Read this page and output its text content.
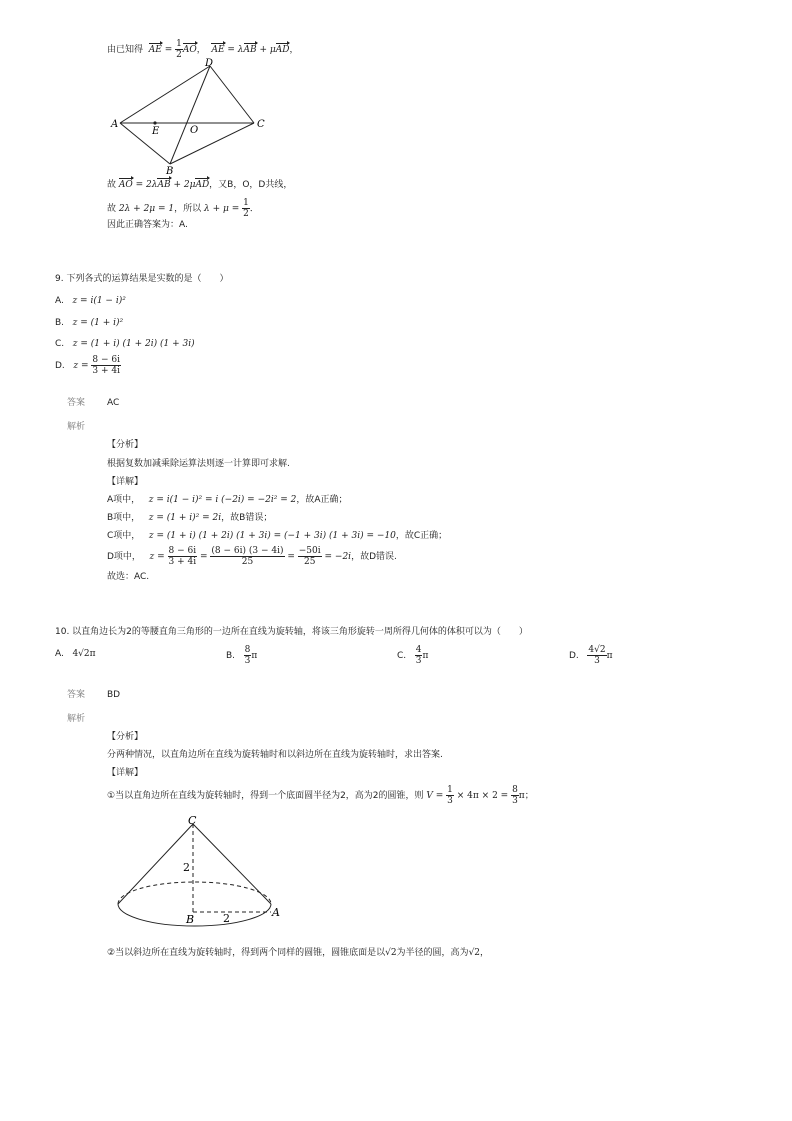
由已知得 AE = $\frac{1}{2}$ AO， AE = λAB + μAD，
D
A	C
B
E	O
故 AO = 2λAB + 2μAD，又B，O，D共线，
故 2λ + 2μ = 1，所以 $\lambda + \mu = \frac{1}{2}$ ．
因此正确答案为：A.
9. 下列各式的运算结果是实数的是（　　）
A. z = i(1 − i)²
B. z = (1 + i)²
C. z = (1 + i) (1 + 2i) (1 + 3i)
D. $z = \frac{8 - 6i}{3 + 4i}$
答案 AC
解析
【分析】
根据复数加减乘除运算法则逐一计算即可求解.
【详解】
A项中， z = i(1 − i)² = i (−2i) = −2i² = 2，故A正确；
B项中， z = (1 + i)² = 2i，故B错误；
C项中， z = (1 + i) (1 + 2i) (1 + 3i) = (−1 + 3i) (1 + 3i) = −10，故C正确；
D项中， $z = \frac{8 - 6i}{3 + 4i} = \frac{(8 - 6i) (3 - 4i)}{25} = \frac{-50i}{25} = -2i$，故D错误.
故选：AC.
10. 以直角边长为2的等腰直角三角形的一边所在直线为旋转轴，将该三角形旋转一周所得几何体的体积可以为（　　）
A. 4√2π	B. $\frac{8}{3}$ π	C. $\frac{4}{3}$ π	D. $\frac{4√2}{3}$ π
答案 BD
解析
【分析】
分两种情况，以直角边所在直线为旋转轴时和以斜边所在直线为旋转轴时，求出答案.
【详解】
①当以直角边所在直线为旋转轴时，得到一个底面圆半径为2，高为2的圆锥，则 $V = \frac{1}{3} \times 4\pi \times 2 = \frac{8}{3}$ π；
C
2
B	2	A
②当以斜边所在直线为旋转轴时，得到两个同样的圆锥，圆锥底面是以√2为半径的圆，高为√2，
